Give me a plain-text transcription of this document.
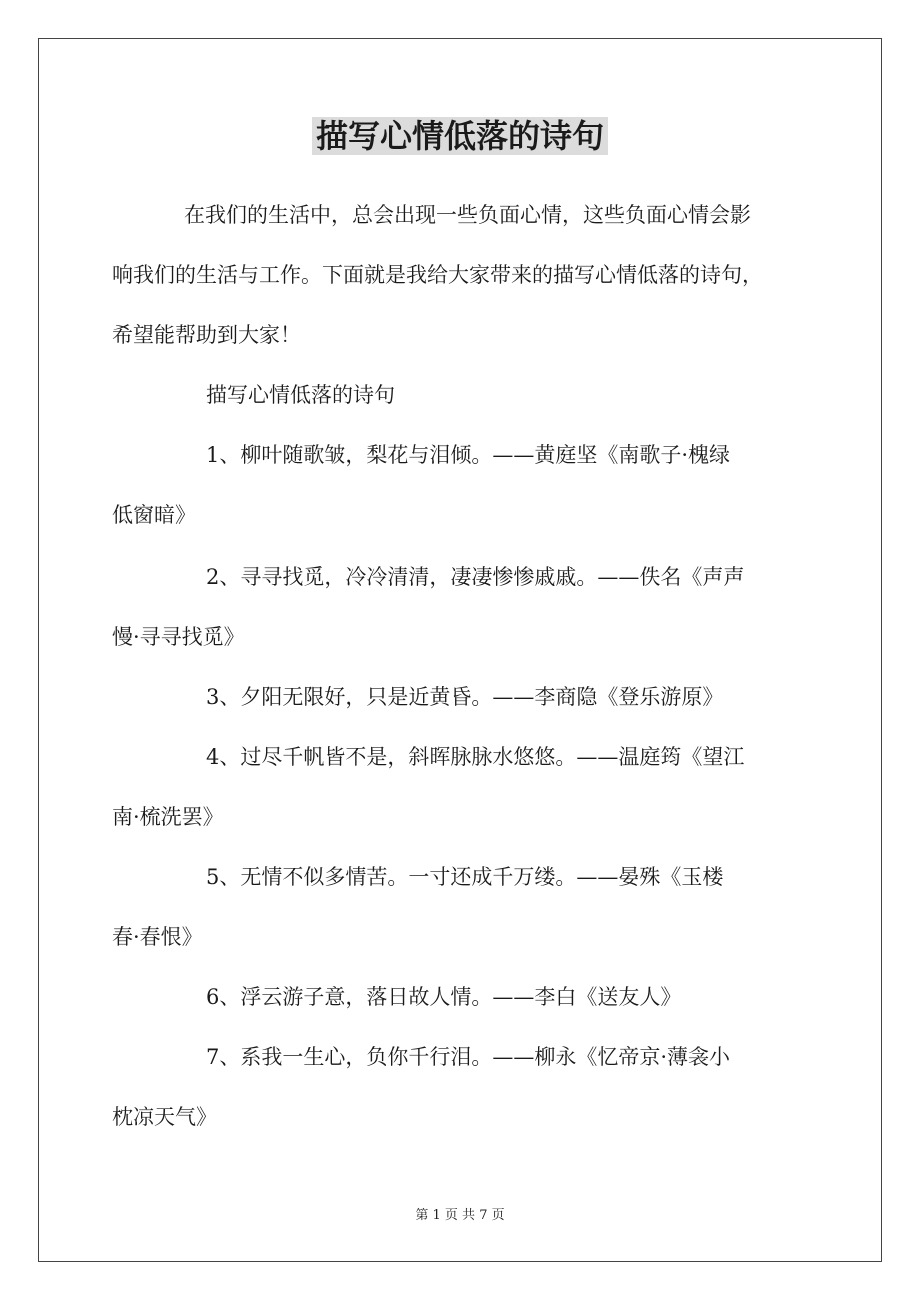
描写心情低落的诗句
在我们的生活中，总会出现一些负面心情，这些负面心情会影
响我们的生活与工作。下面就是我给大家带来的描写心情低落的诗句，
希望能帮助到大家！
描写心情低落的诗句
1、柳叶随歌皱，梨花与泪倾。——黄庭坚《南歌子·槐绿
低窗暗》
2、寻寻找觅，冷冷清清，凄凄惨惨戚戚。——佚名《声声
慢·寻寻找觅》
3、夕阳无限好，只是近黄昏。——李商隐《登乐游原》
4、过尽千帆皆不是，斜晖脉脉水悠悠。——温庭筠《望江
南·梳洗罢》
5、无情不似多情苦。一寸还成千万缕。——晏殊《玉楼
春·春恨》
6、浮云游子意，落日故人情。——李白《送友人》
7、系我一生心，负你千行泪。——柳永《忆帝京·薄衾小
枕凉天气》
第 1 页 共 7 页
